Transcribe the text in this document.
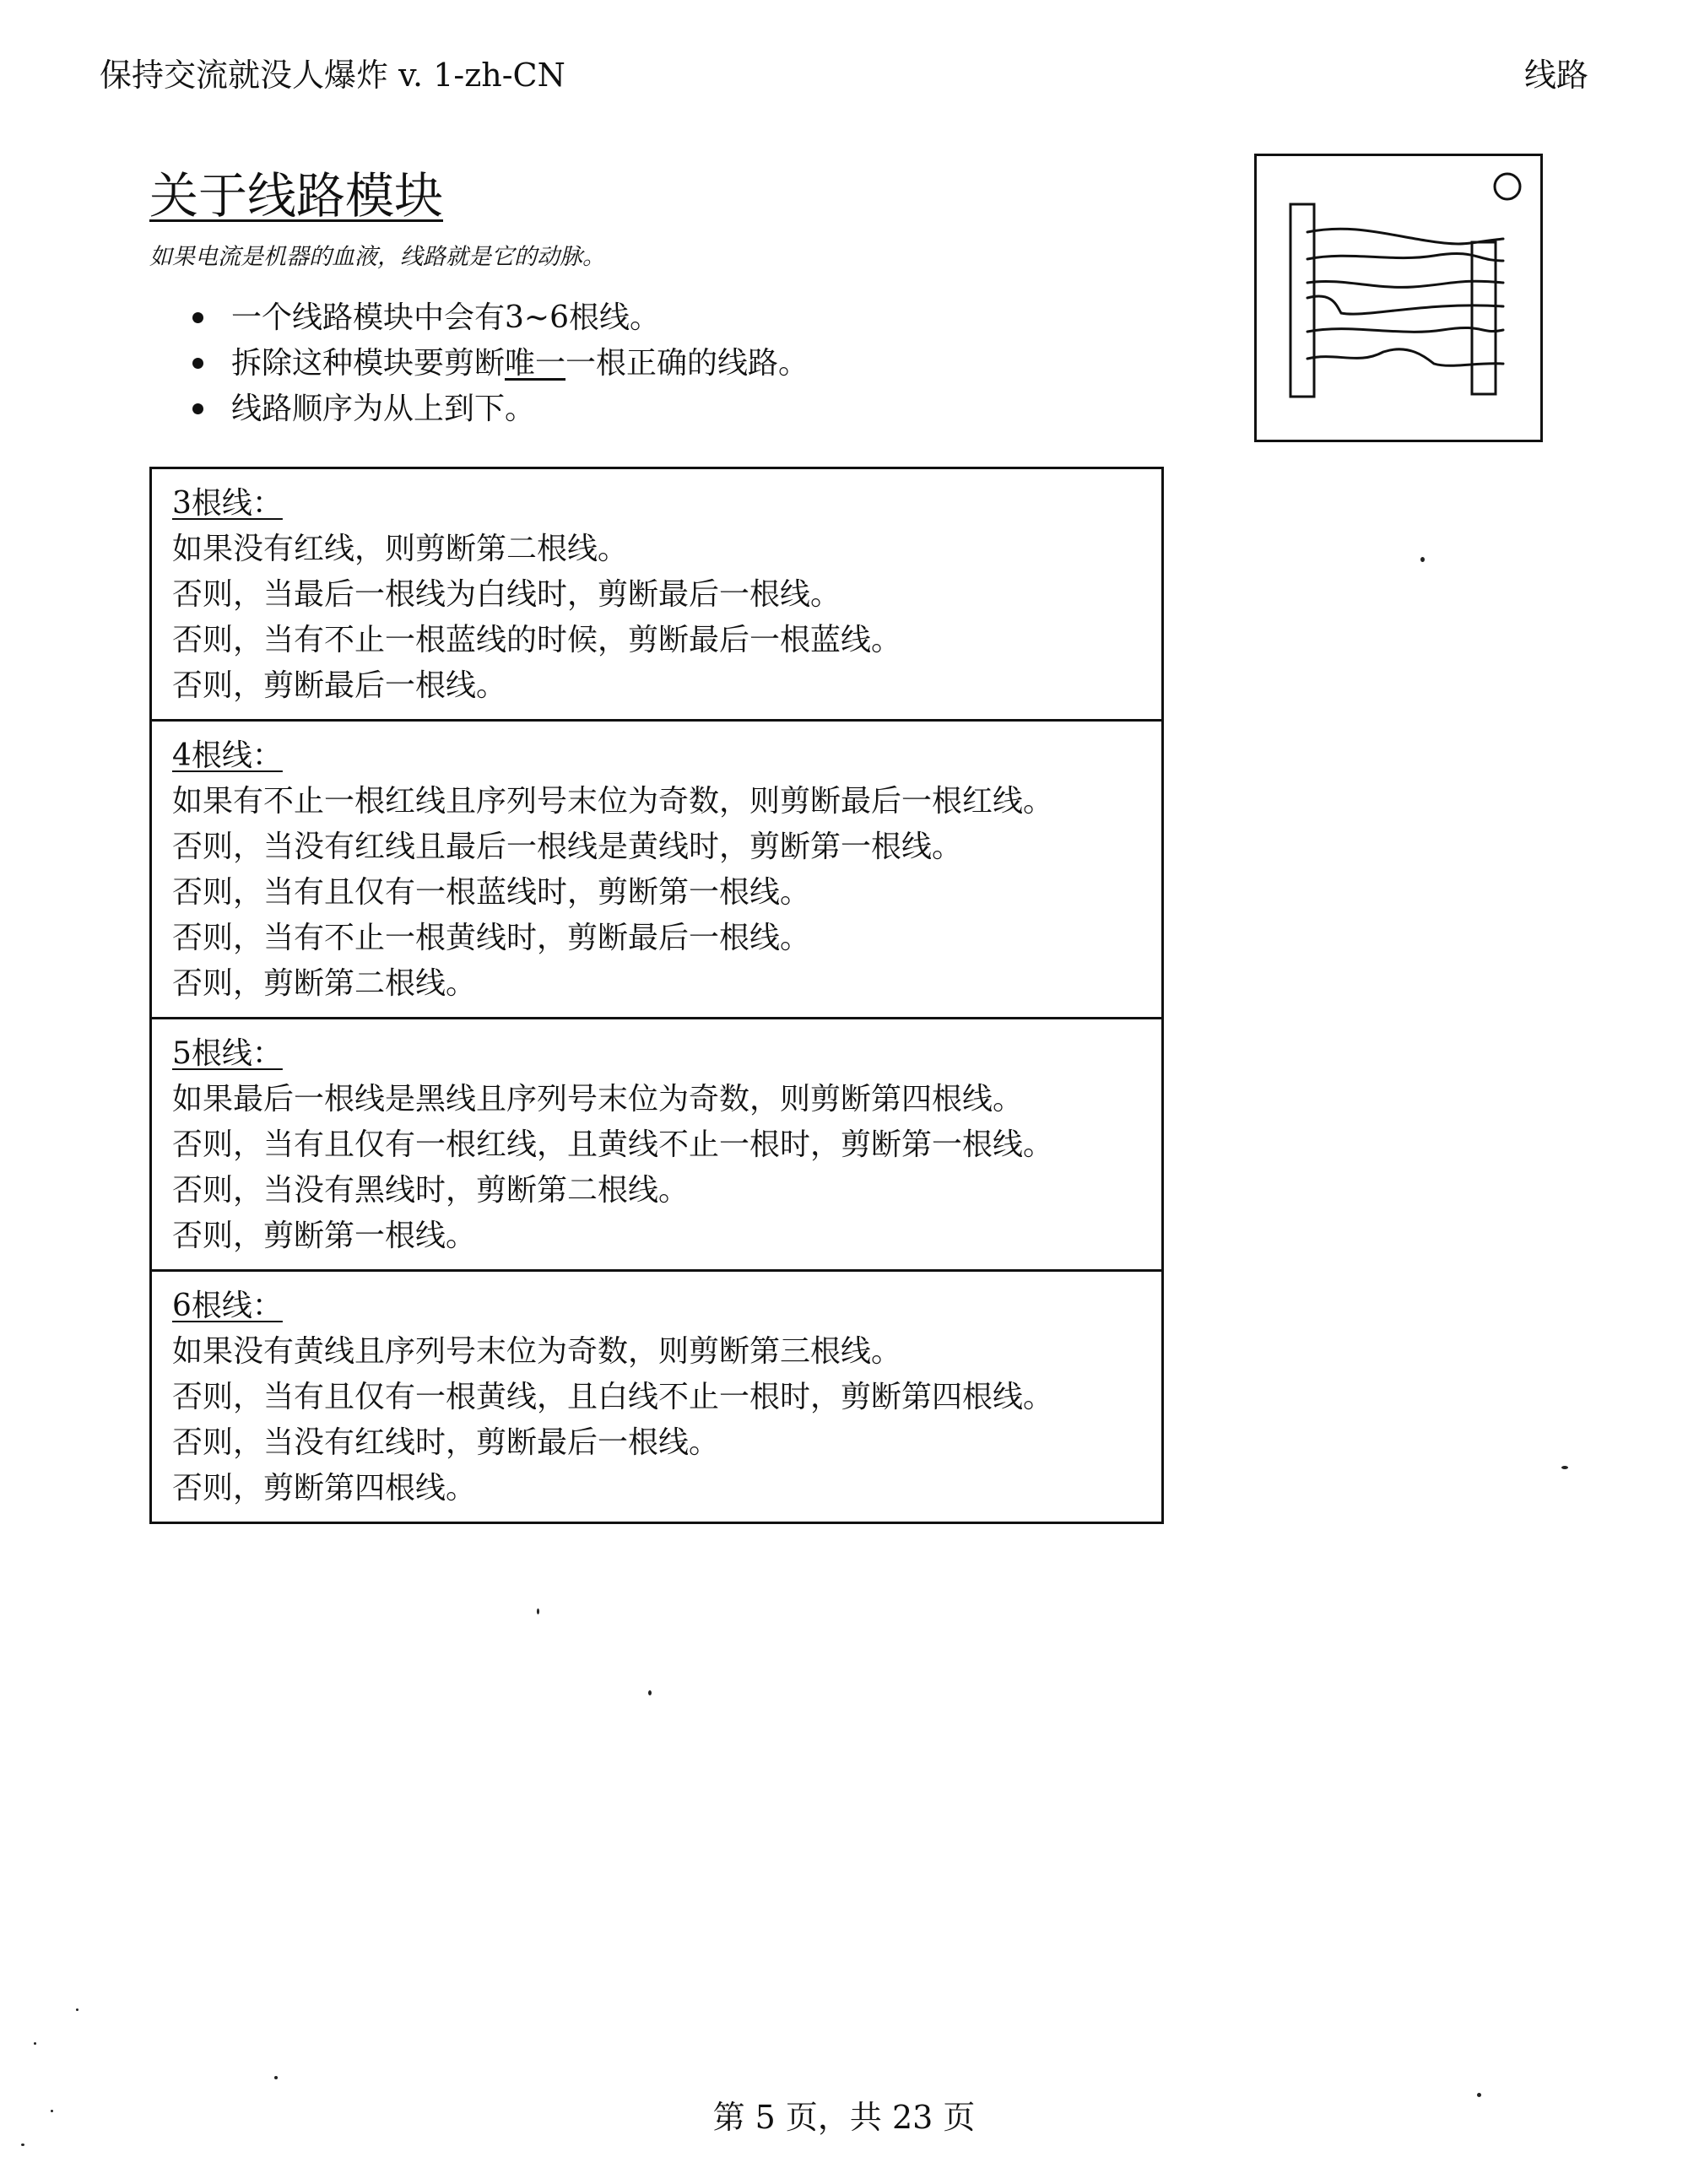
保持交流就没人爆炸 v. 1-zh-CN	线路
关于线路模块

如果电流是机器的血液，线路就是它的动脉。

一个线路模块中会有3~6根线。
拆除这种模块要剪断唯一一根正确的线路。
线路顺序为从上到下。
3根线：
如果没有红线，则剪断第二根线。
否则，当最后一根线为白线时，剪断最后一根线。
否则，当有不止一根蓝线的时候，剪断最后一根蓝线。
否则，剪断最后一根线。
4根线：
如果有不止一根红线且序列号末位为奇数，则剪断最后一根红线。
否则，当没有红线且最后一根线是黄线时，剪断第一根线。
否则，当有且仅有一根蓝线时，剪断第一根线。
否则，当有不止一根黄线时，剪断最后一根线。
否则，剪断第二根线。
5根线：
如果最后一根线是黑线且序列号末位为奇数，则剪断第四根线。
否则，当有且仅有一根红线，且黄线不止一根时，剪断第一根线。
否则，当没有黑线时，剪断第二根线。
否则，剪断第一根线。
6根线：
如果没有黄线且序列号末位为奇数，则剪断第三根线。
否则，当有且仅有一根黄线，且白线不止一根时，剪断第四根线。
否则，当没有红线时，剪断最后一根线。
否则，剪断第四根线。
第 5 页，共 23 页
